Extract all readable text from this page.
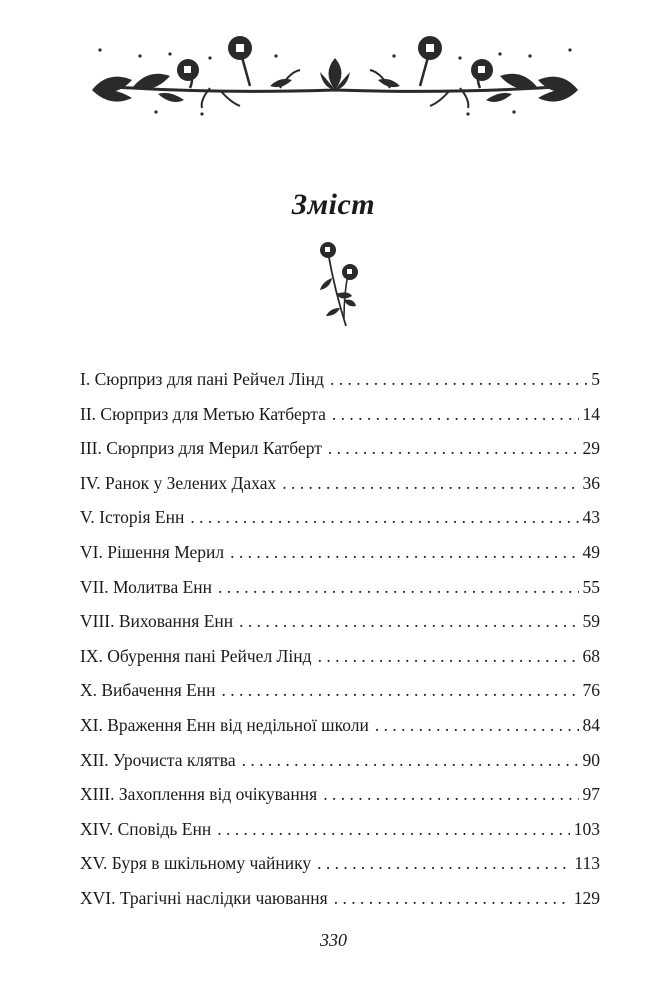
Зміст
I. Сюрприз для пані Рейчел Лінд . . .	5
II. Сюрприз для Метью Катберта . . .	14
III. Сюрприз для Мерил Катберт . . .	29
IV. Ранок у Зелених Дахах . . .	36
V. Історія Енн . . .	43
VI. Рішення Мерил . . .	49
VII. Молитва Енн . . .	55
VIII. Виховання Енн . . .	59
IX. Обурення пані Рейчел Лінд . . .	68
X. Вибачення Енн . . .	76
XI. Враження Енн від недільної школи . . .	84
XII. Урочиста клятва . . .	90
XIII. Захоплення від очікування . . .	97
XIV. Сповідь Енн . . .	103
XV. Буря в шкільному чайнику . . .	113
XVI. Трагічні наслідки чаювання . . .	129
330
